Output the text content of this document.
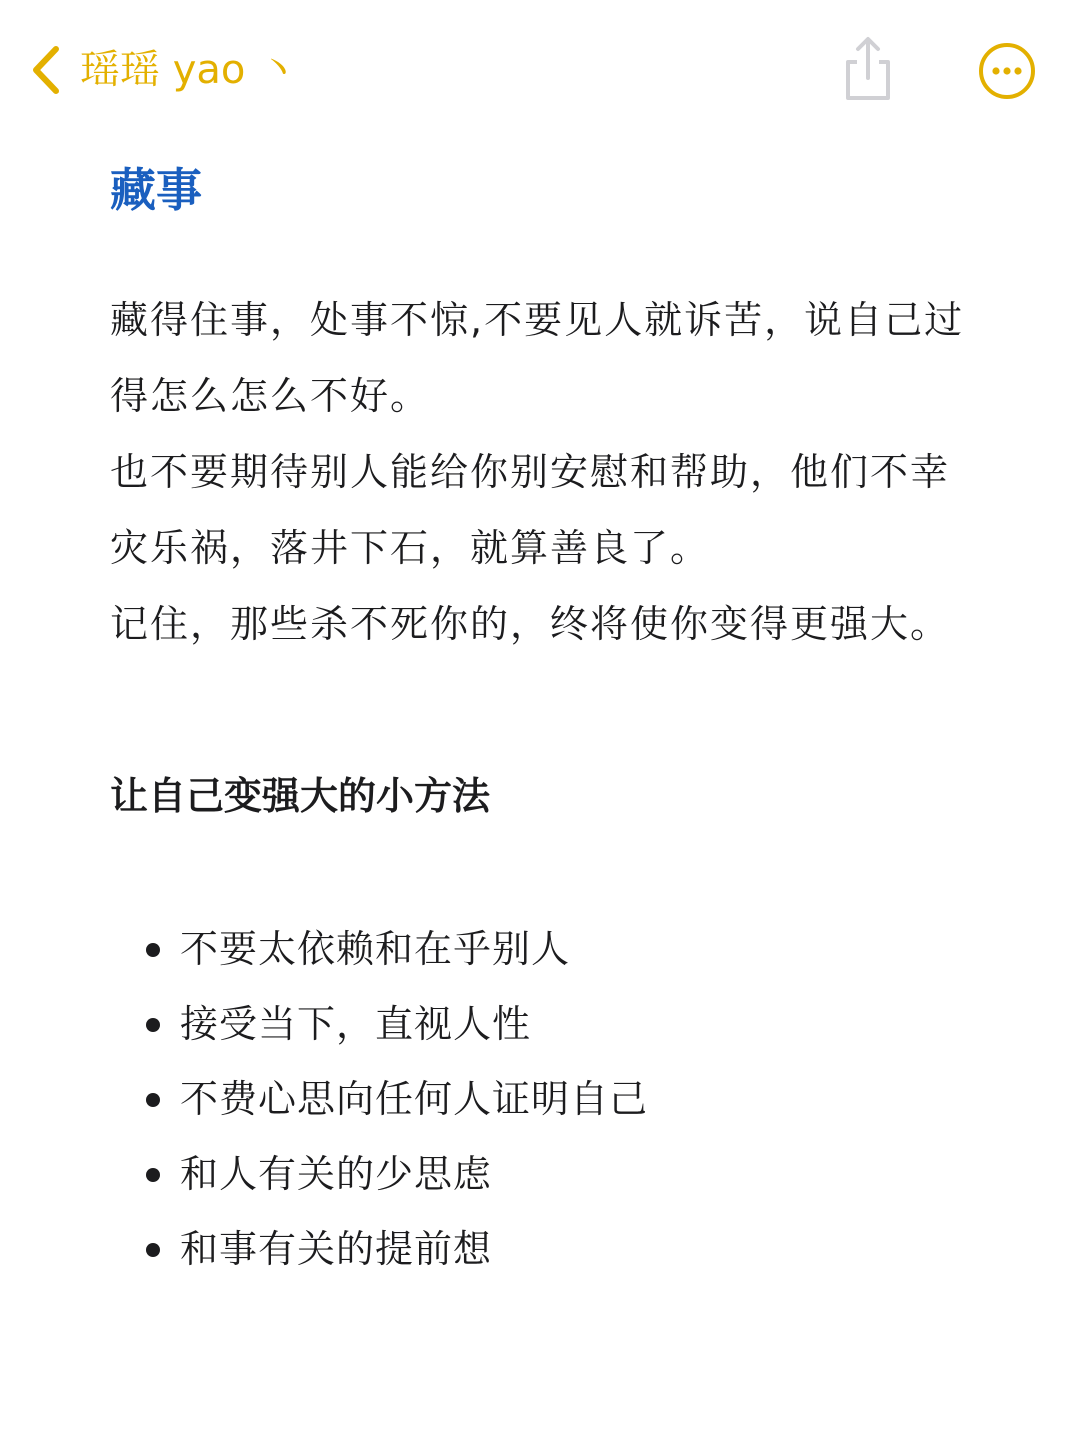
瑶瑶 yao 丶
藏事

藏得住事，处事不惊,不要见人就诉苦，说自己过得怎么怎么不好。

也不要期待别人能给你别安慰和帮助，他们不幸灾乐祸，落井下石，就算善良了。

记住，那些杀不死你的，终将使你变得更强大。

让自己变强大的小方法
不要太依赖和在乎别人
接受当下，直视人性
不费心思向任何人证明自己
和人有关的少思虑
和事有关的提前想
